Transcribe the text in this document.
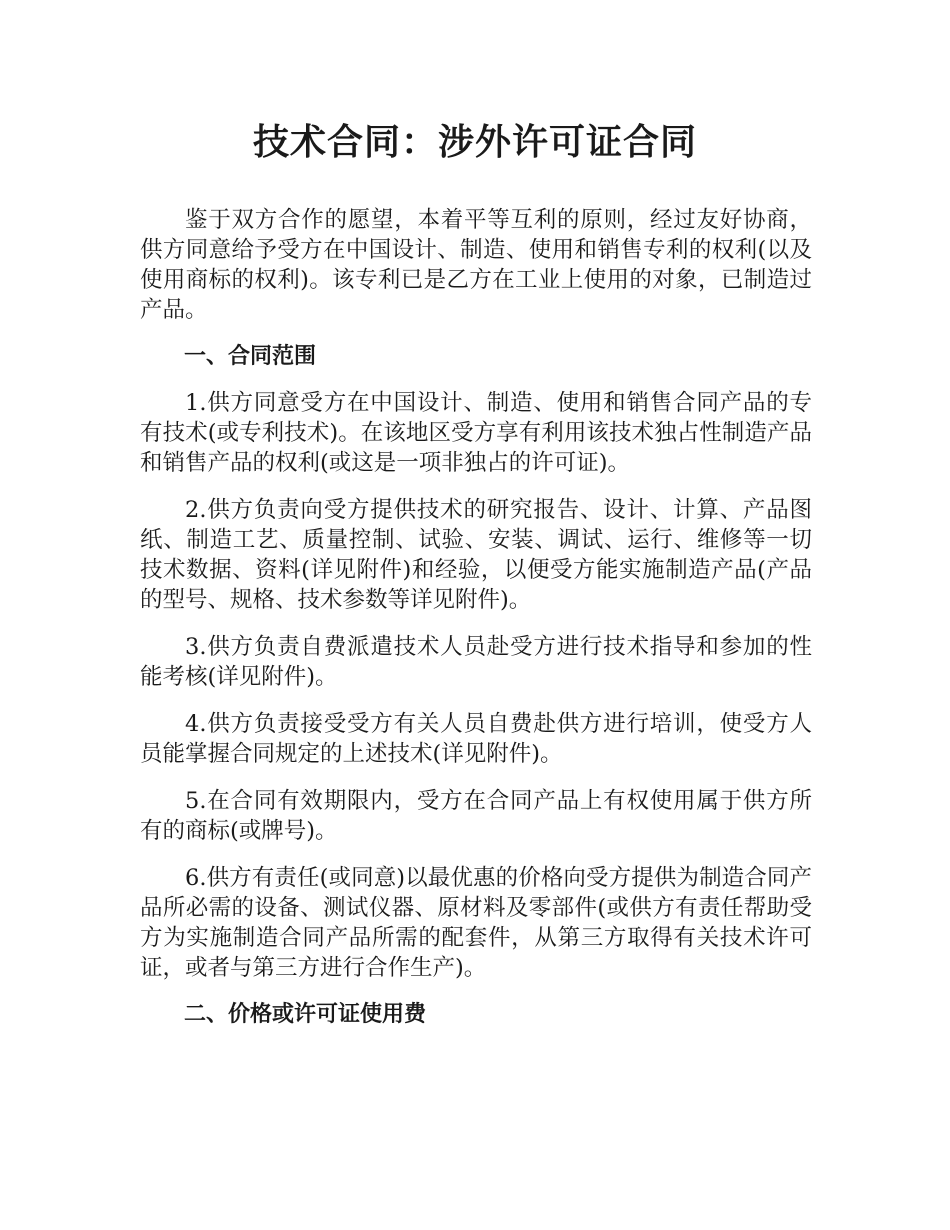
技术合同：涉外许可证合同

鉴于双方合作的愿望，本着平等互利的原则，经过友好协商，供方同意给予受方在中国设计、制造、使用和销售专利的权利(以及使用商标的权利)。该专利已是乙方在工业上使用的对象，已制造过产品。

一、合同范围

1.供方同意受方在中国设计、制造、使用和销售合同产品的专有技术(或专利技术)。在该地区受方享有利用该技术独占性制造产品和销售产品的权利(或这是一项非独占的许可证)。

2.供方负责向受方提供技术的研究报告、设计、计算、产品图纸、制造工艺、质量控制、试验、安装、调试、运行、维修等一切技术数据、资料(详见附件)和经验，以便受方能实施制造产品(产品的型号、规格、技术参数等详见附件)。

3.供方负责自费派遣技术人员赴受方进行技术指导和参加的性能考核(详见附件)。

4.供方负责接受受方有关人员自费赴供方进行培训，使受方人员能掌握合同规定的上述技术(详见附件)。

5.在合同有效期限内，受方在合同产品上有权使用属于供方所有的商标(或牌号)。

6.供方有责任(或同意)以最优惠的价格向受方提供为制造合同产品所必需的设备、测试仪器、原材料及零部件(或供方有责任帮助受方为实施制造合同产品所需的配套件，从第三方取得有关技术许可证，或者与第三方进行合作生产)。

二、价格或许可证使用费
